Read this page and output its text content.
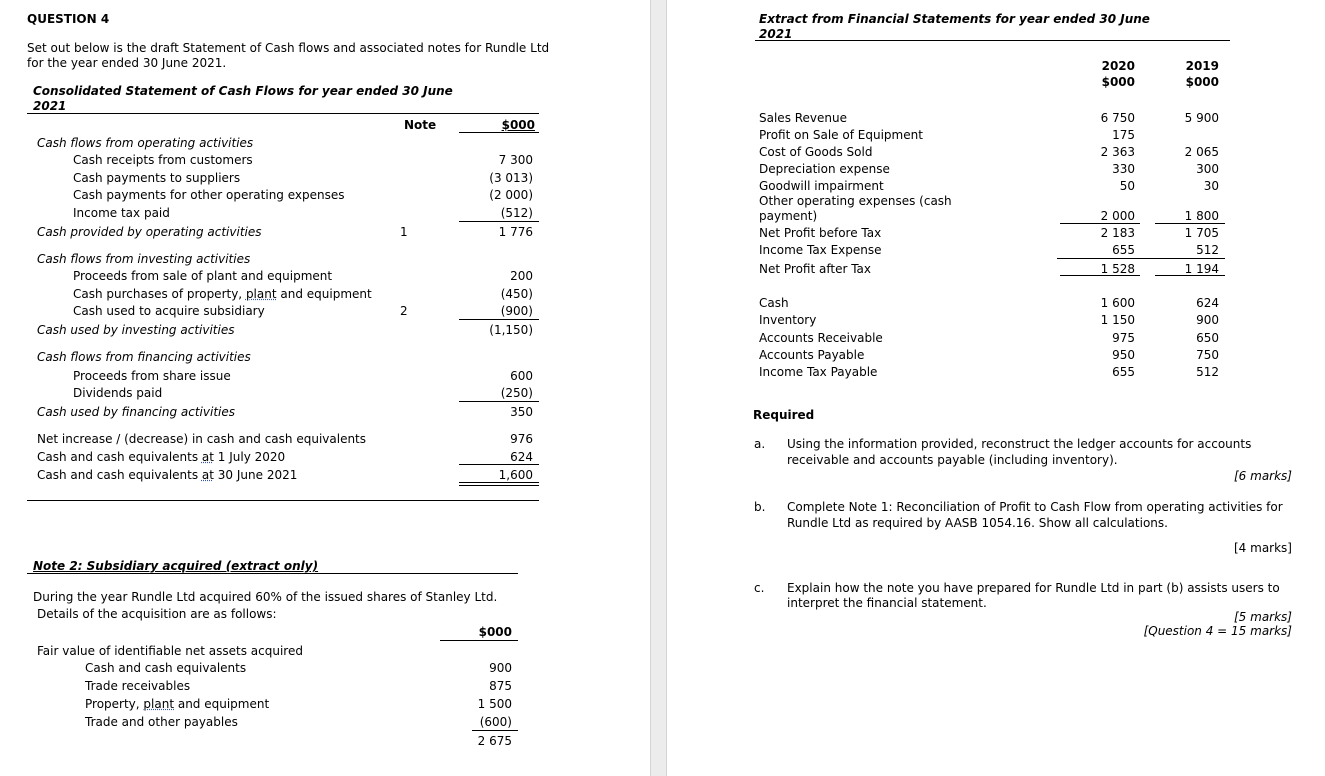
QUESTION 4
Set out below is the draft Statement of Cash flows and associated notes for Rundle Ltd
for the year ended 30 June 2021.
Consolidated Statement of Cash Flows for year ended 30 June
2021
Note	$000
Cash flows from operating activities
Cash receipts from customers	7 300
Cash payments to suppliers	(3 013)
Cash payments for other operating expenses	(2 000)
Income tax paid	(512)
Cash provided by operating activities	1	1 776
Cash flows from investing activities
Proceeds from sale of plant and equipment	200
Cash purchases of property, plant and equipment	(450)
Cash used to acquire subsidiary	2	(900)
Cash used by investing activities	(1,150)
Cash flows from financing activities
Proceeds from share issue	600
Dividends paid	(250)
Cash used by financing activities	350
Net increase / (decrease) in cash and cash equivalents	976
Cash and cash equivalents at 1 July 2020	624
Cash and cash equivalents at 30 June 2021	1,600
Note 2: Subsidiary acquired (extract only)
During the year Rundle Ltd acquired 60% of the issued shares of Stanley Ltd.
Details of the acquisition are as follows:
$000
Fair value of identifiable net assets acquired
Cash and cash equivalents	900
Trade receivables	875
Property, plant and equipment	1 500
Trade and other payables	(600)
2 675
Extract from Financial Statements for year ended 30 June
2021
2020
$000
2019
$000
Sales Revenue	6 750	5 900
Profit on Sale of Equipment	175
Cost of Goods Sold	2 363	2 065
Depreciation expense	330	300
Goodwill impairment	50	30
Other operating expenses (cash
payment)	2 000	1 800
Net Profit before Tax	2 183	1 705
Income Tax Expense	655	512
Net Profit after Tax	1 528	1 194
Cash	1 600	624
Inventory	1 150	900
Accounts Receivable	975	650
Accounts Payable	950	750
Income Tax Payable	655	512
Required
a. Using the information provided, reconstruct the ledger accounts for accounts
receivable and accounts payable (including inventory).
[6 marks]
b. Complete Note 1: Reconciliation of Profit to Cash Flow from operating activities for
Rundle Ltd as required by AASB 1054.16. Show all calculations.
[4 marks]
c. Explain how the note you have prepared for Rundle Ltd in part (b) assists users to
interpret the financial statement.
[5 marks]
[Question 4 = 15 marks]
